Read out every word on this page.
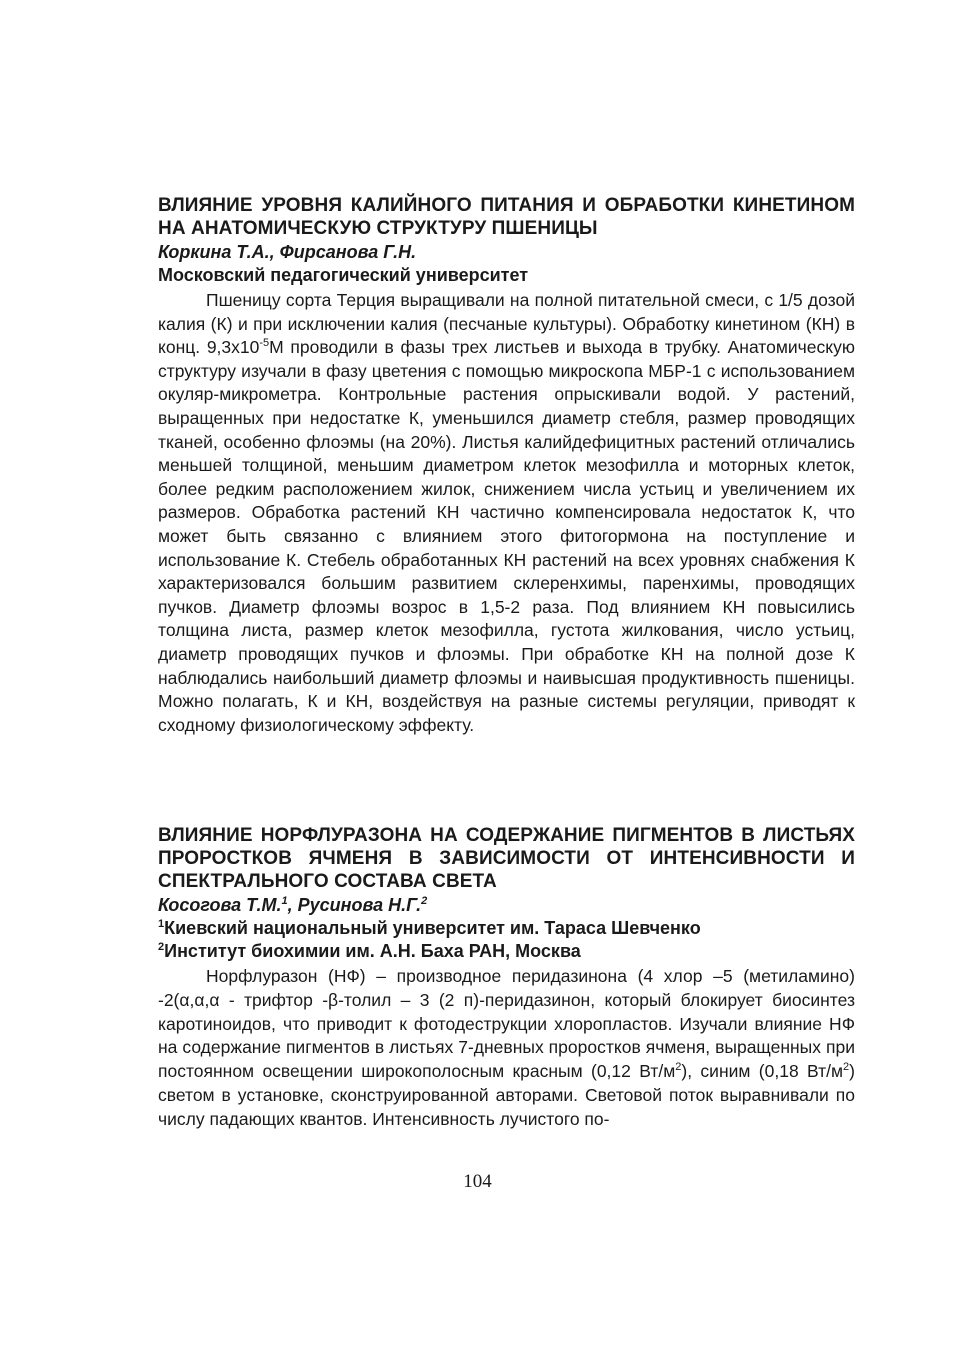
ВЛИЯНИЕ УРОВНЯ КАЛИЙНОГО ПИТАНИЯ И ОБРАБОТКИ КИНЕТИНОМ НА АНАТОМИЧЕСКУЮ СТРУКТУРУ ПШЕНИЦЫ

Коркина Т.А., Фирсанова Г.Н.

Московский педагогический университет

Пшеницу сорта Терция выращивали на полной питательной смеси, с 1/5 дозой калия (К) и при исключении калия (песчаные культуры). Обработку кинетином (КН) в конц. $9,3x10^{-5}М$ проводили в фазы трех листьев и выхода в трубку. Анатомическую структуру изучали в фазу цветения с помощью микроскопа МБР-1 с использованием окуляр-микрометра. Контрольные растения опрыскивали водой. У растений, выращенных при недостатке К, уменьшился диаметр стебля, размер проводящих тканей, особенно флоэмы (на 20%). Листья калийдефицитных растений отличались меньшей толщиной, меньшим диаметром клеток мезофилла и моторных клеток, более редким расположением жилок, снижением числа устьиц и увеличением их размеров. Обработка растений КН частично компенсировала недостаток К, что может быть связанно с влиянием этого фитогормона на поступление и использование К. Стебель обработанных КН растений на всех уровнях снабжения К характеризовался большим развитием склеренхимы, паренхимы, проводящих пучков. Диаметр флоэмы возрос в 1,5-2 раза. Под влиянием КН повысились толщина листа, размер клеток мезофилла, густота жилкования, число устьиц, диаметр проводящих пучков и флоэмы. При обработке КН на полной дозе К наблюдались наибольший диаметр флоэмы и наивысшая продуктивность пшеницы. Можно полагать, К и КН, воздействуя на разные системы регуляции, приводят к сходному физиологическому эффекту.

ВЛИЯНИЕ НОРФЛУРАЗОНА НА СОДЕРЖАНИЕ ПИГМЕНТОВ В ЛИСТЬЯХ ПРОРОСТКОВ ЯЧМЕНЯ В ЗАВИСИМОСТИ ОТ ИНТЕНСИВНОСТИ И СПЕКТРАЛЬНОГО СОСТАВА СВЕТА

Косогова Т.М.$^1$, Русинова Н.Г.$^2$

$^1$Киевский национальный университет им. Тараса Шевченко

$^2$Институт биохимии им. А.Н. Баха РАН, Москва

Норфлуразон (НФ) – производное перидазинона (4 хлор –5 (метиламино) -2(α,α,α - трифтор -β-толил – 3 (2 п)-перидазинон, который блокирует биосинтез каротиноидов, что приводит к фотодеструкции хлоропластов. Изучали влияние НФ на содержание пигментов в листьях 7-дневных проростков ячменя, выращенных при постоянном освещении широкополосным красным (0,12 $Вт/м^2$), синим (0,18 $Вт/м^2$) светом в установке, сконструированной авторами. Световой поток выравнивали по числу падающих квантов. Интенсивность лучистого по-

104
